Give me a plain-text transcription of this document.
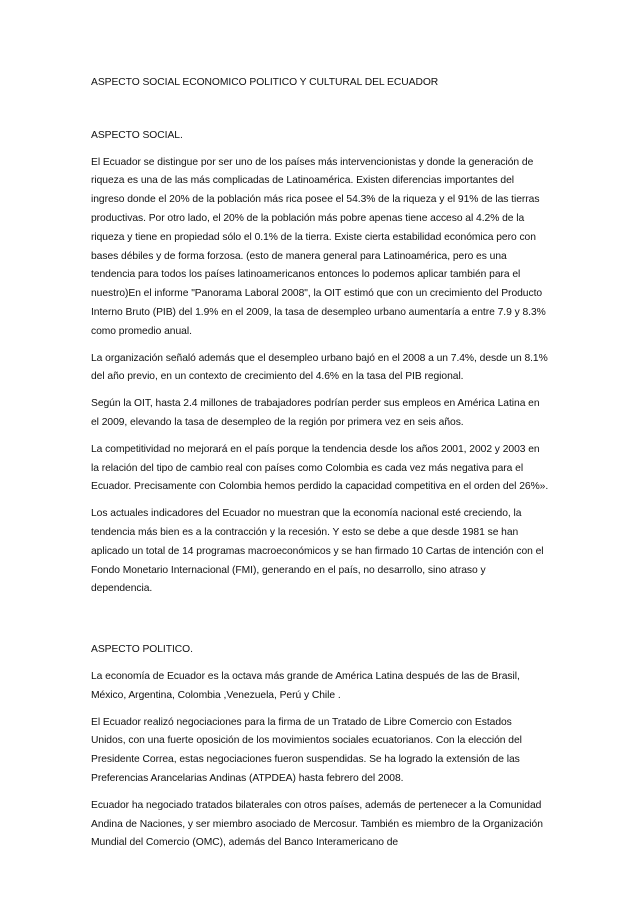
ASPECTO SOCIAL ECONOMICO POLITICO Y CULTURAL DEL ECUADOR
ASPECTO SOCIAL.

El Ecuador se distingue por ser uno de los países más intervencionistas y donde la generación de riqueza es una de las más complicadas de Latinoamérica. Existen diferencias importantes del ingreso donde el 20% de la población más rica posee el 54.3% de la riqueza y el 91% de las tierras productivas. Por otro lado, el 20% de la población más pobre apenas tiene acceso al 4.2% de la riqueza y tiene en propiedad sólo el 0.1% de la tierra. Existe cierta estabilidad económica pero con bases débiles y de forma forzosa. (esto de manera general para Latinoamérica, pero es una tendencia para todos los países latinoamericanos entonces lo podemos aplicar también para el nuestro)En el informe "Panorama Laboral 2008", la OIT estimó que con un crecimiento del Producto Interno Bruto (PIB) del 1.9% en el 2009, la tasa de desempleo urbano aumentaría a entre 7.9 y 8.3% como promedio anual.

La organización señaló además que el desempleo urbano bajó en el 2008 a un 7.4%, desde un 8.1% del año previo, en un contexto de crecimiento del 4.6% en la tasa del PIB regional.

Según la OIT, hasta 2.4 millones de trabajadores podrían perder sus empleos en América Latina en el 2009, elevando la tasa de desempleo de la región por primera vez en seis años.

La competitividad no mejorará en el país porque la tendencia desde los años 2001, 2002 y 2003 en la relación del tipo de cambio real con países como Colombia es cada vez más negativa para el Ecuador. Precisamente con Colombia hemos perdido la capacidad competitiva en el orden del 26%».

Los actuales indicadores del Ecuador no muestran que la economía nacional esté creciendo, la tendencia más bien es a la contracción y la recesión. Y esto se debe a que desde 1981 se han aplicado un total de 14 programas macroeconómicos y se han firmado 10 Cartas de intención con el Fondo Monetario Internacional (FMI), generando en el país, no desarrollo, sino atraso y dependencia.

ASPECTO POLITICO.

La economía de Ecuador es la octava más grande de América Latina después de las de Brasil, México, Argentina, Colombia ,Venezuela, Perú y Chile .

El Ecuador realizó negociaciones para la firma de un Tratado de Libre Comercio con Estados Unidos, con una fuerte oposición de los movimientos sociales ecuatorianos. Con la elección del Presidente Correa, estas negociaciones fueron suspendidas. Se ha logrado la extensión de las Preferencias Arancelarias Andinas (ATPDEA) hasta febrero del 2008.

Ecuador ha negociado tratados bilaterales con otros países, además de pertenecer a la Comunidad Andina de Naciones, y ser miembro asociado de Mercosur. También es miembro de la Organización Mundial del Comercio (OMC), además del Banco Interamericano de
